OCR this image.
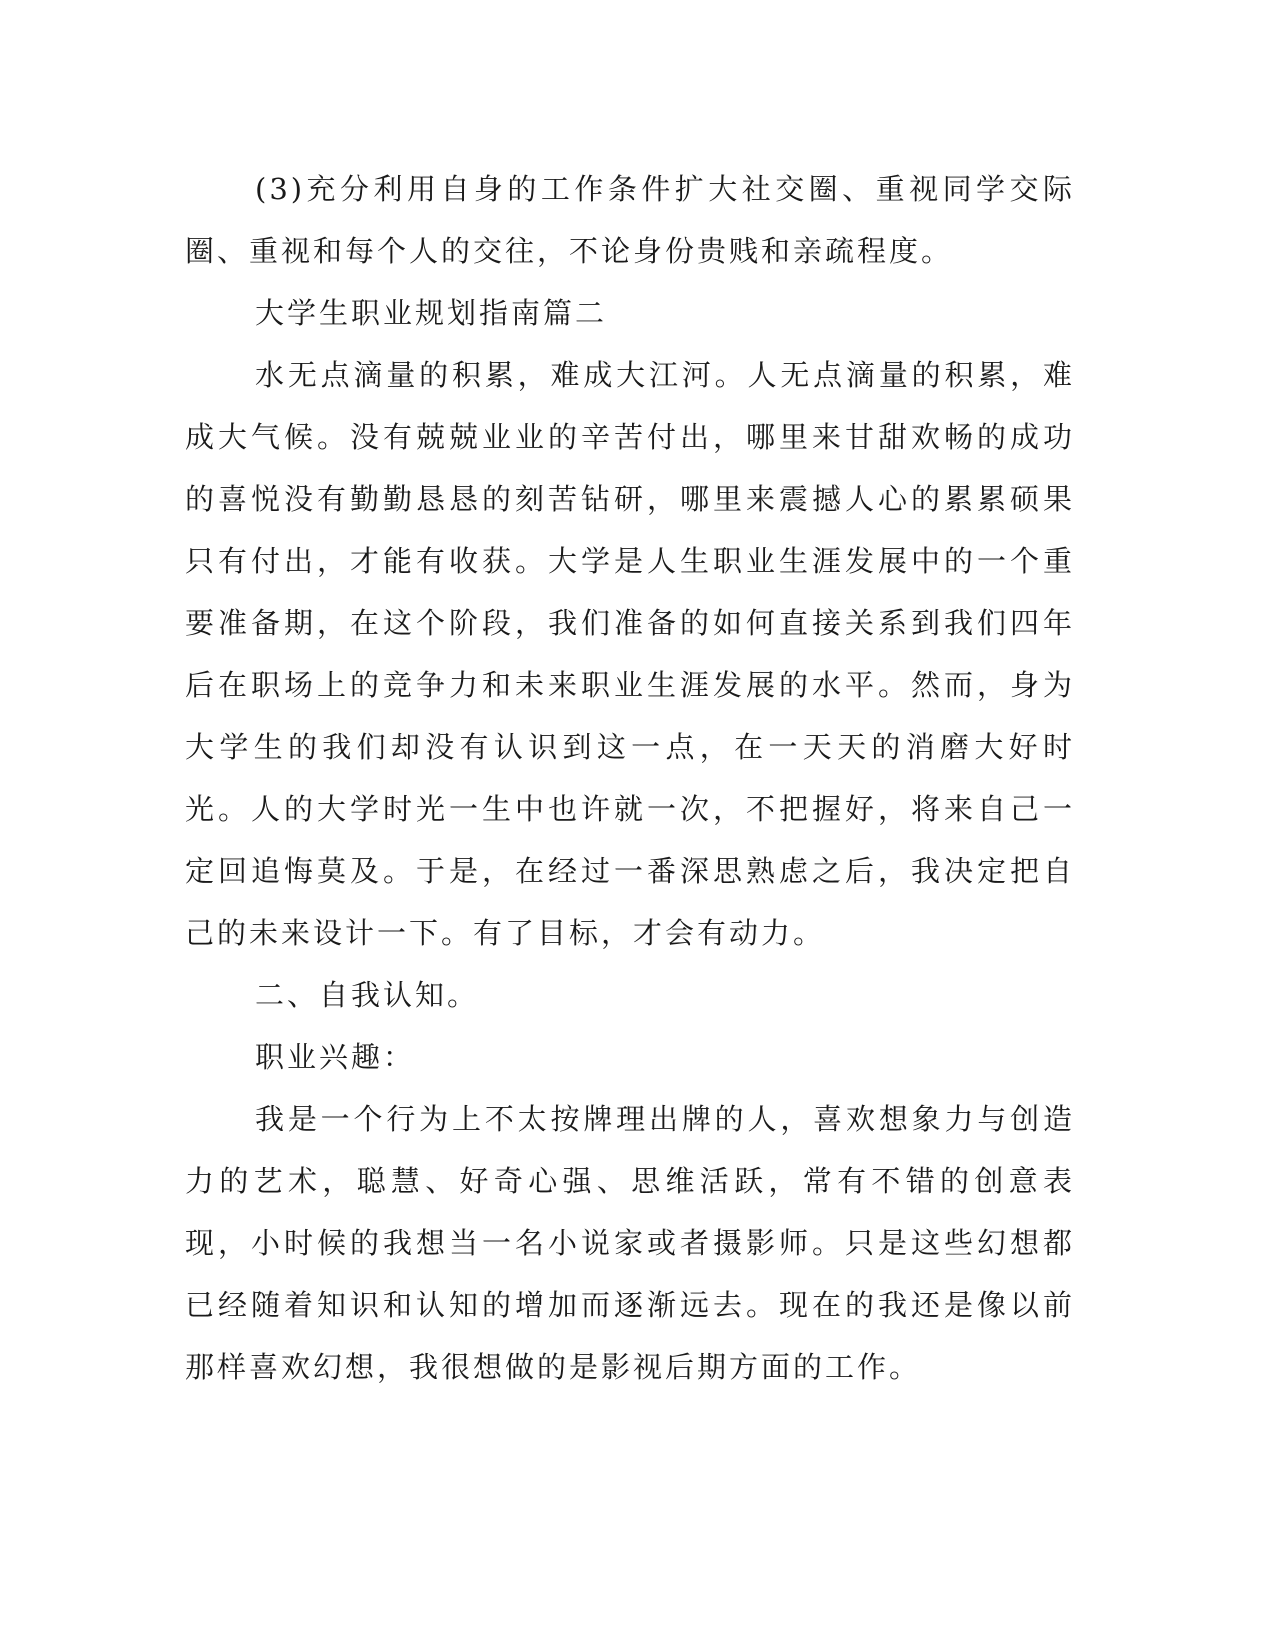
(3)充分利用自身的工作条件扩大社交圈、重视同学交际圈、重视和每个人的交往，不论身份贵贱和亲疏程度。

大学生职业规划指南篇二

水无点滴量的积累，难成大江河。人无点滴量的积累，难成大气候。没有兢兢业业的辛苦付出，哪里来甘甜欢畅的成功的喜悦没有勤勤恳恳的刻苦钻研，哪里来震撼人心的累累硕果只有付出，才能有收获。大学是人生职业生涯发展中的一个重要准备期，在这个阶段，我们准备的如何直接关系到我们四年后在职场上的竞争力和未来职业生涯发展的水平。然而，身为大学生的我们却没有认识到这一点，在一天天的消磨大好时光。人的大学时光一生中也许就一次，不把握好，将来自己一定回追悔莫及。于是，在经过一番深思熟虑之后，我决定把自己的未来设计一下。有了目标，才会有动力。

二、自我认知。

职业兴趣：

我是一个行为上不太按牌理出牌的人，喜欢想象力与创造力的艺术，聪慧、好奇心强、思维活跃，常有不错的创意表现，小时候的我想当一名小说家或者摄影师。只是这些幻想都已经随着知识和认知的增加而逐渐远去。现在的我还是像以前那样喜欢幻想，我很想做的是影视后期方面的工作。
